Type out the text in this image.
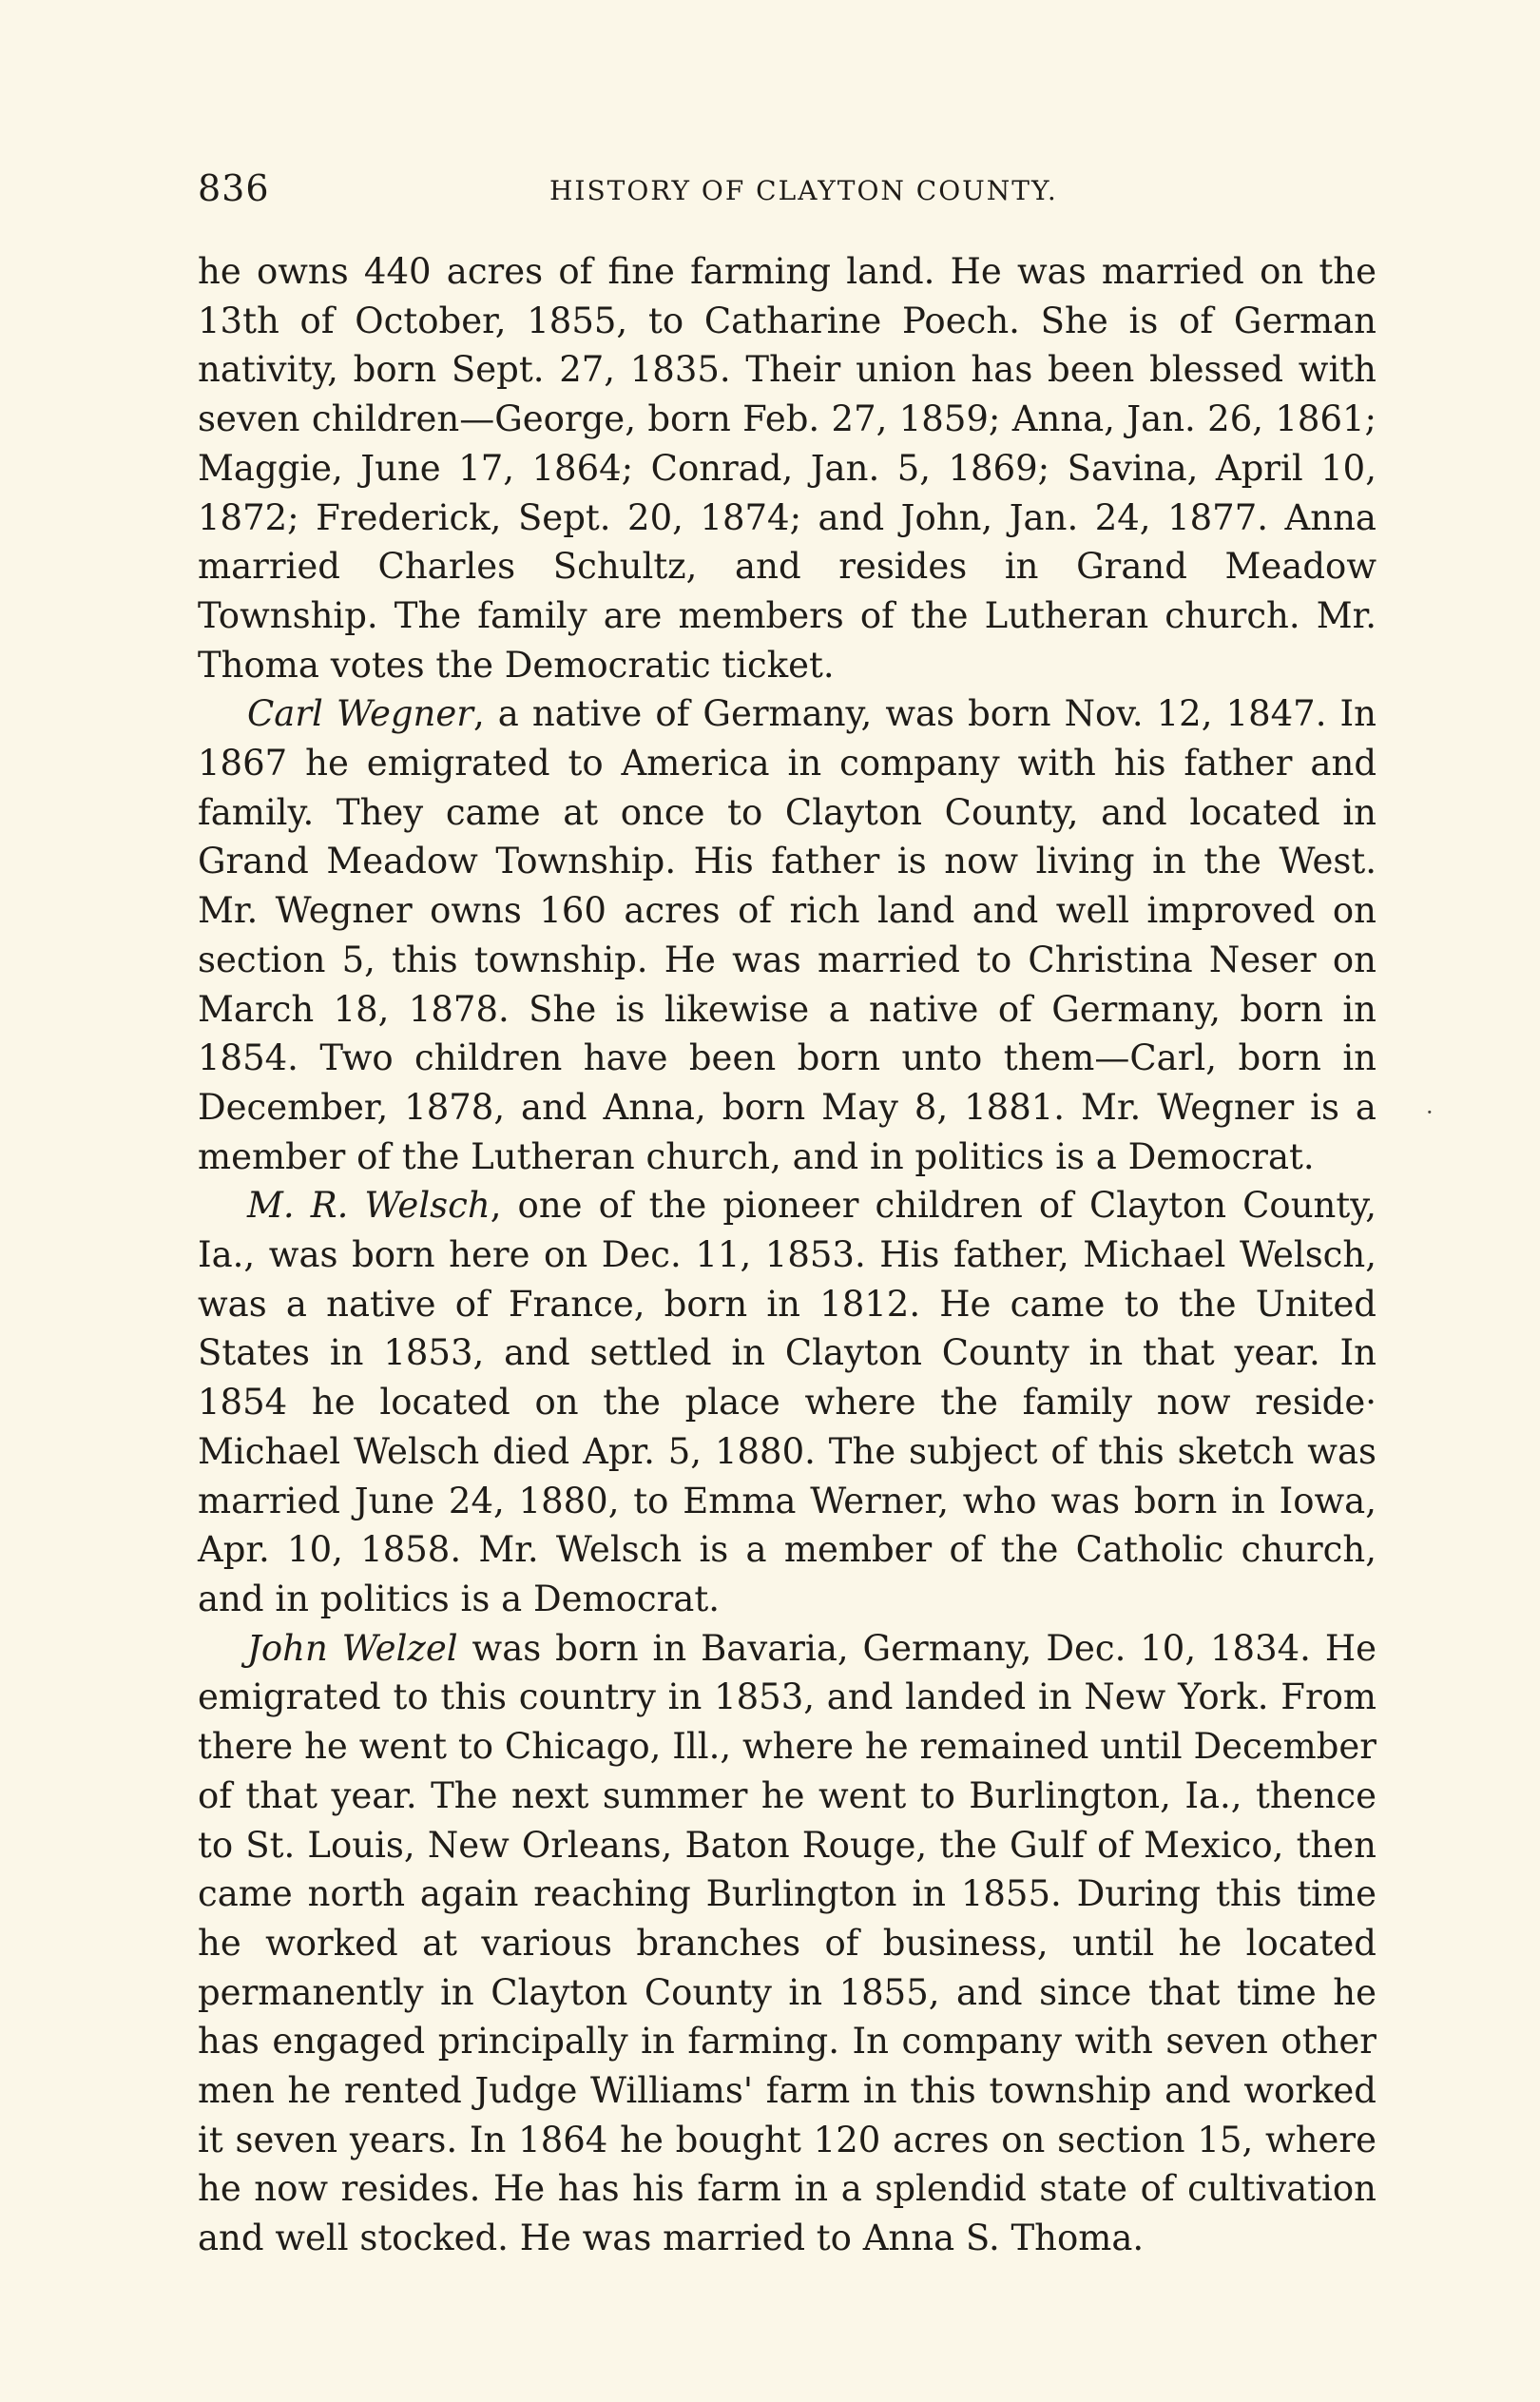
836	HISTORY OF CLAYTON COUNTY.

he owns 440 acres of fine farming land. He was married on the 13th of October, 1855, to Catharine Poech. She is of German nativity, born Sept. 27, 1835. Their union has been blessed with seven children—George, born Feb. 27, 1859; Anna, Jan. 26, 1861; Maggie, June 17, 1864; Conrad, Jan. 5, 1869; Savina, April 10, 1872; Frederick, Sept. 20, 1874; and John, Jan. 24, 1877. Anna married Charles Schultz, and resides in Grand Meadow Township. The family are members of the Lutheran church. Mr. Thoma votes the Democratic ticket.

Carl Wegner, a native of Germany, was born Nov. 12, 1847. In 1867 he emigrated to America in company with his father and family. They came at once to Clayton County, and located in Grand Meadow Township. His father is now living in the West. Mr. Wegner owns 160 acres of rich land and well improved on section 5, this township. He was married to Christina Neser on March 18, 1878. She is likewise a native of Germany, born in 1854. Two children have been born unto them—Carl, born in December, 1878, and Anna, born May 8, 1881. Mr. Wegner is a member of the Lutheran church, and in politics is a Democrat.

M. R. Welsch, one of the pioneer children of Clayton County, Ia., was born here on Dec. 11, 1853. His father, Michael Welsch, was a native of France, born in 1812. He came to the United States in 1853, and settled in Clayton County in that year. In 1854 he located on the place where the family now reside· Michael Welsch died Apr. 5, 1880. The subject of this sketch was married June 24, 1880, to Emma Werner, who was born in Iowa, Apr. 10, 1858. Mr. Welsch is a member of the Catholic church, and in politics is a Democrat.

John Welzel was born in Bavaria, Germany, Dec. 10, 1834. He emigrated to this country in 1853, and landed in New York. From there he went to Chicago, Ill., where he remained until December of that year. The next summer he went to Burlington, Ia., thence to St. Louis, New Orleans, Baton Rouge, the Gulf of Mexico, then came north again reaching Burlington in 1855. During this time he worked at various branches of business, until he located permanently in Clayton County in 1855, and since that time he has engaged principally in farming. In company with seven other men he rented Judge Williams' farm in this township and worked it seven years. In 1864 he bought 120 acres on section 15, where he now resides. He has his farm in a splendid state of cultivation and well stocked. He was married to Anna S. Thoma.

·
